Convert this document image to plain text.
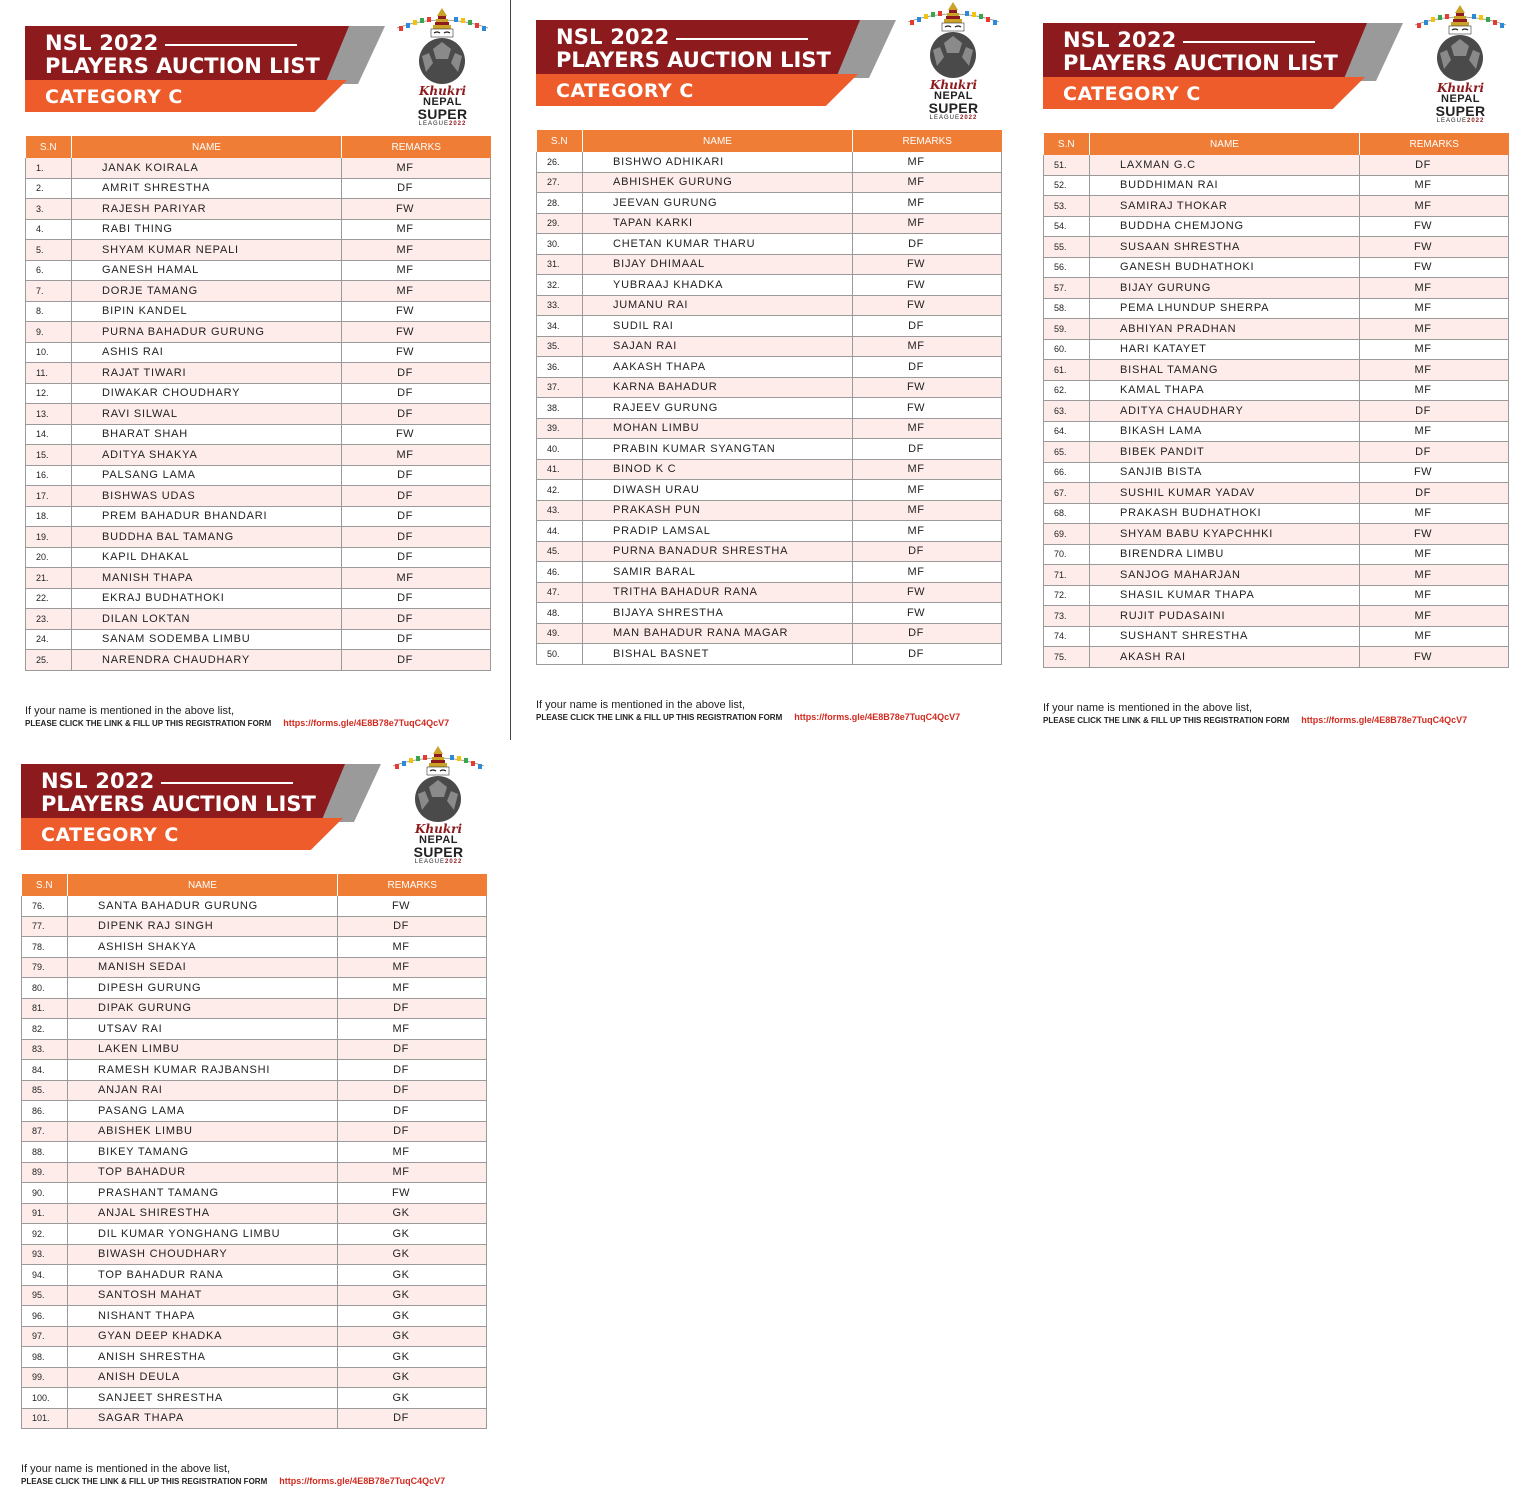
NSL 2022
PLAYERS AUCTION LIST
CATEGORY C	Khukri
NEPAL
SUPER
LEAGUE2022
S.N	NAME	REMARKS
1.	JANAK KOIRALA	MF
2.	AMRIT SHRESTHA	DF
3.	RAJESH PARIYAR	FW
4.	RABI THING	MF
5.	SHYAM KUMAR NEPALI	MF
6.	GANESH HAMAL	MF
7.	DORJE TAMANG	MF
8.	BIPIN KANDEL	FW
9.	PURNA BAHADUR GURUNG	FW
10.	ASHIS RAI	FW
11.	RAJAT TIWARI	DF
12.	DIWAKAR CHOUDHARY	DF
13.	RAVI SILWAL	DF
14.	BHARAT SHAH	FW
15.	ADITYA SHAKYA	MF
16.	PALSANG LAMA	DF
17.	BISHWAS UDAS	DF
18.	PREM BAHADUR BHANDARI	DF
19.	BUDDHA BAL TAMANG	DF
20.	KAPIL DHAKAL	DF
21.	MANISH THAPA	MF
22.	EKRAJ BUDHATHOKI	DF
23.	DILAN LOKTAN	DF
24.	SANAM SODEMBA LIMBU	DF
25.	NARENDRA CHAUDHARY	DF
If your name is mentioned in the above list,
PLEASE CLICK THE LINK & FILL UP THIS REGISTRATION FORM https://forms.gle/4E8B78e7TuqC4QcV7
NSL 2022
PLAYERS AUCTION LIST
CATEGORY C	Khukri
NEPAL
SUPER
LEAGUE2022
S.N	NAME	REMARKS
26.	BISHWO ADHIKARI	MF
27.	ABHISHEK GURUNG	MF
28.	JEEVAN GURUNG	MF
29.	TAPAN KARKI	MF
30.	CHETAN KUMAR THARU	DF
31.	BIJAY DHIMAAL	FW
32.	YUBRAAJ KHADKA	FW
33.	JUMANU RAI	FW
34.	SUDIL RAI	DF
35.	SAJAN RAI	MF
36.	AAKASH THAPA	DF
37.	KARNA BAHADUR	FW
38.	RAJEEV GURUNG	FW
39.	MOHAN LIMBU	MF
40.	PRABIN KUMAR SYANGTAN	DF
41.	BINOD K C	MF
42.	DIWASH URAU	MF
43.	PRAKASH PUN	MF
44.	PRADIP LAMSAL	MF
45.	PURNA BANADUR SHRESTHA	DF
46.	SAMIR BARAL	MF
47.	TRITHA BAHADUR RANA	FW
48.	BIJAYA SHRESTHA	FW
49.	MAN BAHADUR RANA MAGAR	DF
50.	BISHAL BASNET	DF
If your name is mentioned in the above list,
PLEASE CLICK THE LINK & FILL UP THIS REGISTRATION FORM https://forms.gle/4E8B78e7TuqC4QcV7
NSL 2022
PLAYERS AUCTION LIST
CATEGORY C	Khukri
NEPAL
SUPER
LEAGUE2022
S.N	NAME	REMARKS
51.	LAXMAN G.C	DF
52.	BUDDHIMAN RAI	MF
53.	SAMIRAJ THOKAR	MF
54.	BUDDHA CHEMJONG	FW
55.	SUSAAN SHRESTHA	FW
56.	GANESH BUDHATHOKI	FW
57.	BIJAY GURUNG	MF
58.	PEMA LHUNDUP SHERPA	MF
59.	ABHIYAN PRADHAN	MF
60.	HARI KATAYET	MF
61.	BISHAL TAMANG	MF
62.	KAMAL THAPA	MF
63.	ADITYA CHAUDHARY	DF
64.	BIKASH LAMA	MF
65.	BIBEK PANDIT	DF
66.	SANJIB BISTA	FW
67.	SUSHIL KUMAR YADAV	DF
68.	PRAKASH BUDHATHOKI	MF
69.	SHYAM BABU KYAPCHHKI	FW
70.	BIRENDRA LIMBU	MF
71.	SANJOG MAHARJAN	MF
72.	SHASIL KUMAR THAPA	MF
73.	RUJIT PUDASAINI	MF
74.	SUSHANT SHRESTHA	MF
75.	AKASH RAI	FW
If your name is mentioned in the above list,
PLEASE CLICK THE LINK & FILL UP THIS REGISTRATION FORM https://forms.gle/4E8B78e7TuqC4QcV7
NSL 2022
PLAYERS AUCTION LIST
CATEGORY C	Khukri
NEPAL
SUPER
LEAGUE2022
S.N	NAME	REMARKS
76.	SANTA BAHADUR GURUNG	FW
77.	DIPENK RAJ SINGH	DF
78.	ASHISH SHAKYA	MF
79.	MANISH SEDAI	MF
80.	DIPESH GURUNG	MF
81.	DIPAK GURUNG	DF
82.	UTSAV RAI	MF
83.	LAKEN LIMBU	DF
84.	RAMESH KUMAR RAJBANSHI	DF
85.	ANJAN RAI	DF
86.	PASANG LAMA	DF
87.	ABISHEK LIMBU	DF
88.	BIKEY TAMANG	MF
89.	TOP BAHADUR	MF
90.	PRASHANT TAMANG	FW
91.	ANJAL SHIRESTHA	GK
92.	DIL KUMAR YONGHANG LIMBU	GK
93.	BIWASH CHOUDHARY	GK
94.	TOP BAHADUR RANA	GK
95.	SANTOSH MAHAT	GK
96.	NISHANT THAPA	GK
97.	GYAN DEEP KHADKA	GK
98.	ANISH SHRESTHA	GK
99.	ANISH DEULA	GK
100.	SANJEET SHRESTHA	GK
101.	SAGAR THAPA	DF
If your name is mentioned in the above list,
PLEASE CLICK THE LINK & FILL UP THIS REGISTRATION FORM https://forms.gle/4E8B78e7TuqC4QcV7
